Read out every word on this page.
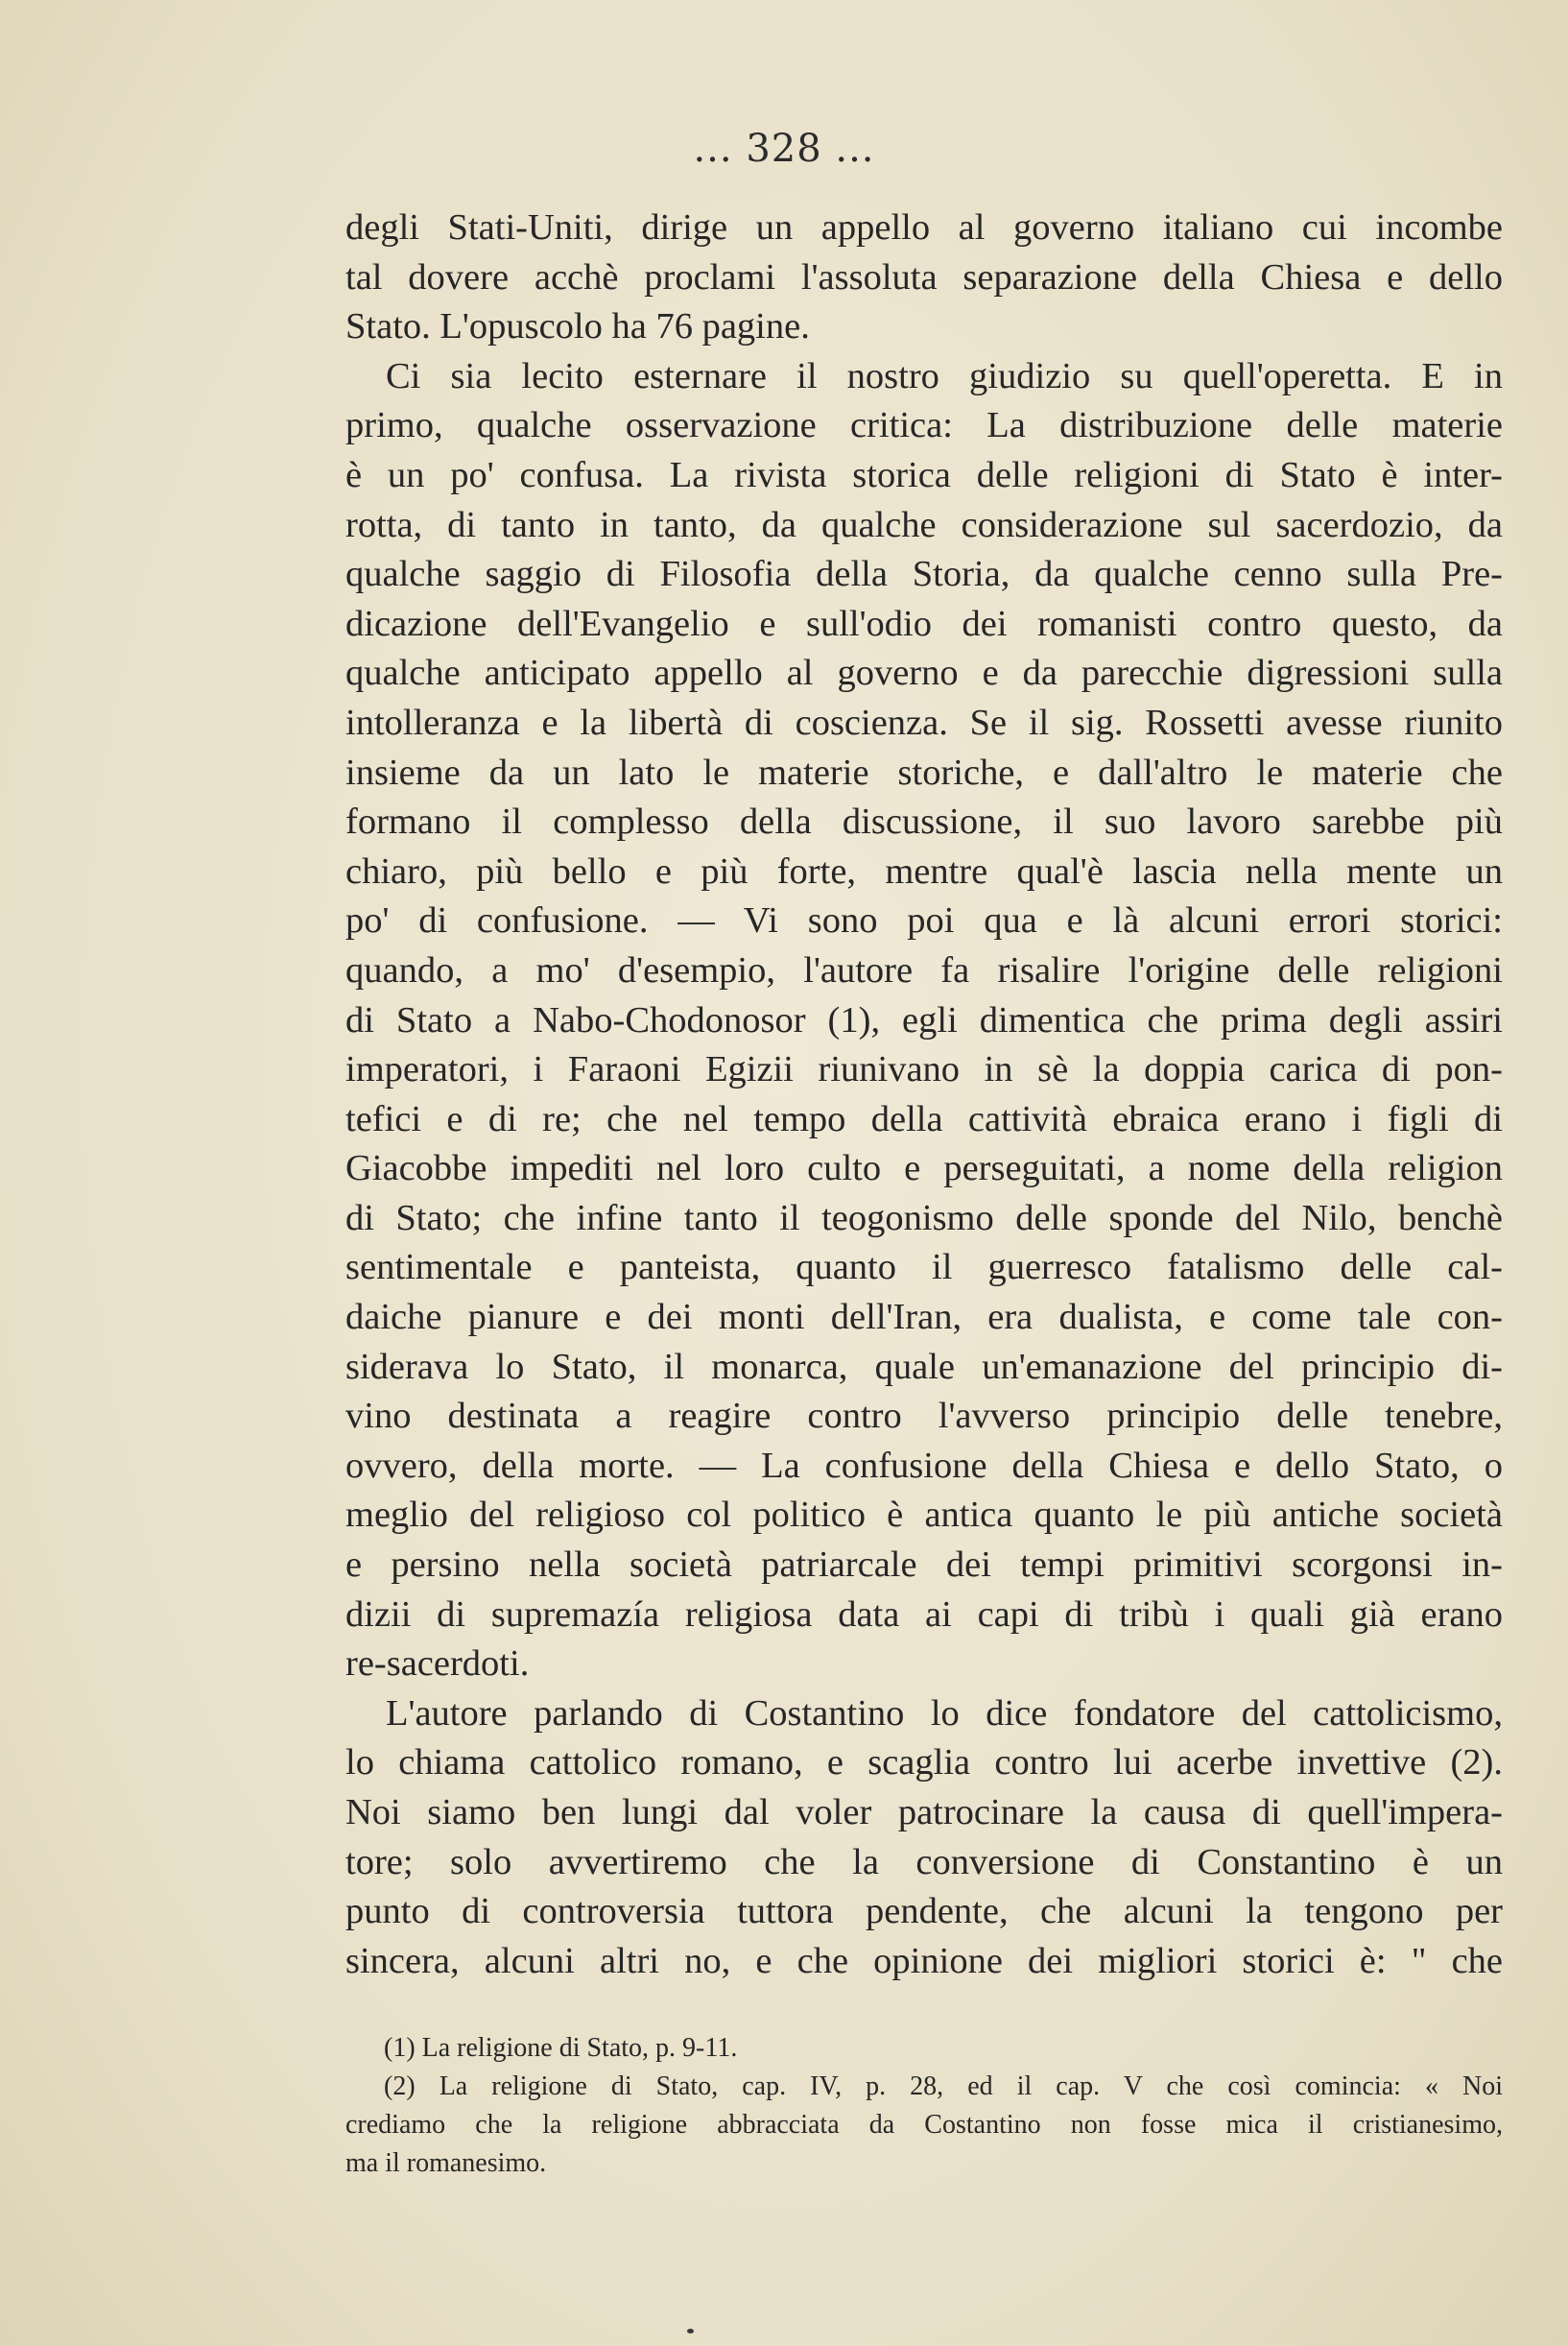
... 328 ...
degli Stati-Uniti, dirige un appello al governo italiano cui incombe
tal dovere acchè proclami l'assoluta separazione della Chiesa e dello
Stato. L'opuscolo ha 76 pagine.
Ci sia lecito esternare il nostro giudizio su quell'operetta. E in
primo, qualche osservazione critica: La distribuzione delle materie
è un po' confusa. La rivista storica delle religioni di Stato è inter-
rotta, di tanto in tanto, da qualche considerazione sul sacerdozio, da
qualche saggio di Filosofia della Storia, da qualche cenno sulla Pre-
dicazione dell'Evangelio e sull'odio dei romanisti contro questo, da
qualche anticipato appello al governo e da parecchie digressioni sulla
intolleranza e la libertà di coscienza. Se il sig. Rossetti avesse riunito
insieme da un lato le materie storiche, e dall'altro le materie che
formano il complesso della discussione, il suo lavoro sarebbe più
chiaro, più bello e più forte, mentre qual'è lascia nella mente un
po' di confusione. — Vi sono poi qua e là alcuni errori storici:
quando, a mo' d'esempio, l'autore fa risalire l'origine delle religioni
di Stato a Nabo-Chodonosor (1), egli dimentica che prima degli assiri
imperatori, i Faraoni Egizii riunivano in sè la doppia carica di pon-
tefici e di re; che nel tempo della cattività ebraica erano i figli di
Giacobbe impediti nel loro culto e perseguitati, a nome della religion
di Stato; che infine tanto il teogonismo delle sponde del Nilo, benchè
sentimentale e panteista, quanto il guerresco fatalismo delle cal-
daiche pianure e dei monti dell'Iran, era dualista, e come tale con-
siderava lo Stato, il monarca, quale un'emanazione del principio di-
vino destinata a reagire contro l'avverso principio delle tenebre,
ovvero, della morte. — La confusione della Chiesa e dello Stato, o
meglio del religioso col politico è antica quanto le più antiche società
e persino nella società patriarcale dei tempi primitivi scorgonsi in-
dizii di supremazía religiosa data ai capi di tribù i quali già erano
re-sacerdoti.
L'autore parlando di Costantino lo dice fondatore del cattolicismo,
lo chiama cattolico romano, e scaglia contro lui acerbe invettive (2).
Noi siamo ben lungi dal voler patrocinare la causa di quell'impera-
tore; solo avvertiremo che la conversione di Constantino è un
punto di controversia tuttora pendente, che alcuni la tengono per
sincera, alcuni altri no, e che opinione dei migliori storici è: " che
(1) La religione di Stato, p. 9-11.
(2) La religione di Stato, cap. IV, p. 28, ed il cap. V che così comincia: « Noi
crediamo che la religione abbracciata da Costantino non fosse mica il cristianesimo,
ma il romanesimo.
